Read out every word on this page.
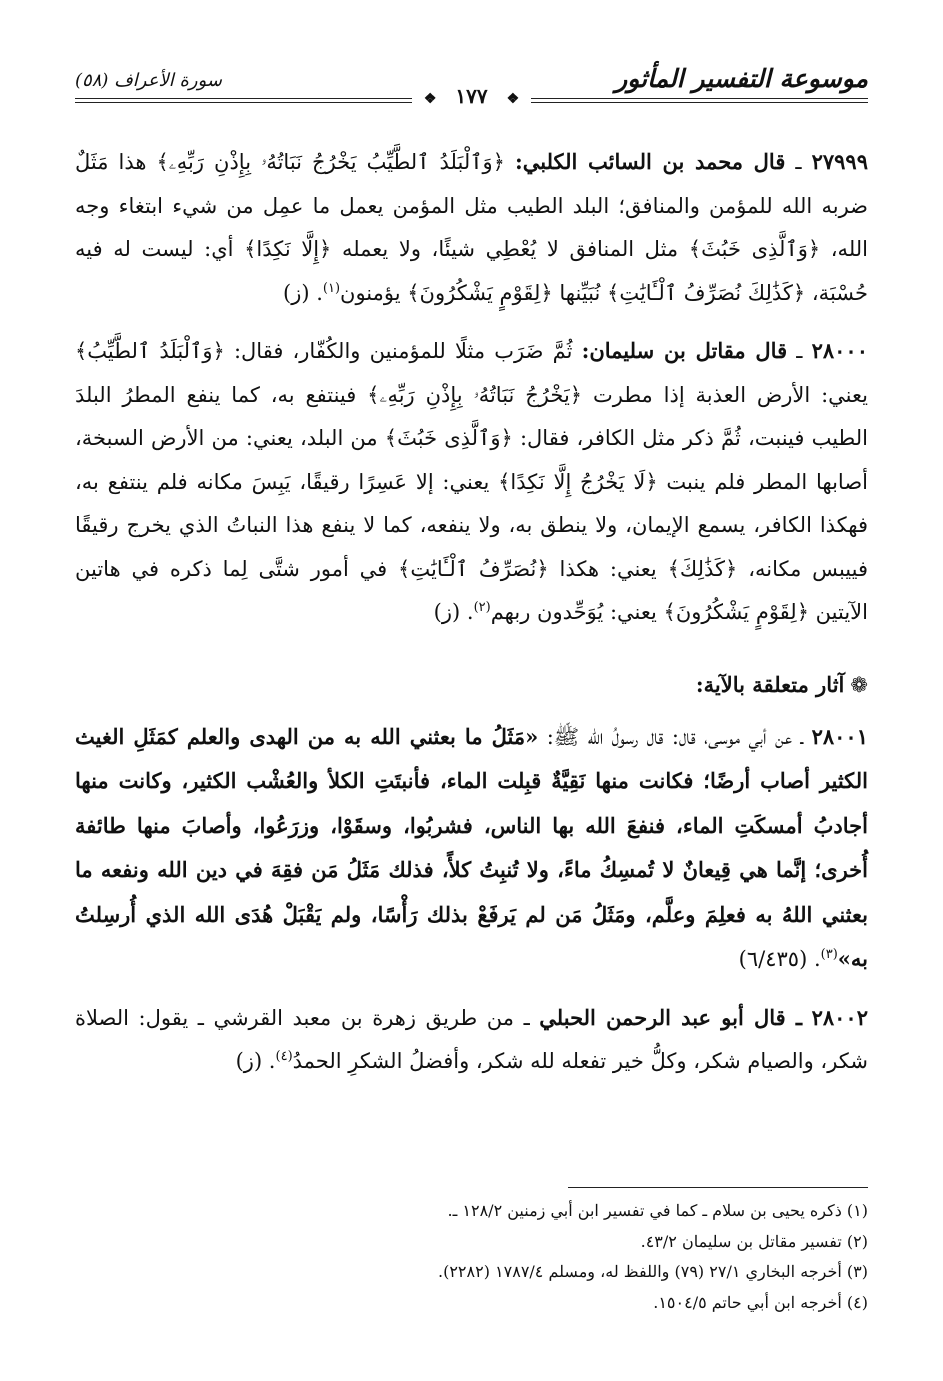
موسوعة التفسير المأثور
❖ ١٧٧ ❖
سورة الأعراف (٥٨)

٢٧٩٩٩ ـ قال محمد بن السائب الكلبي: ﴿وَٱلْبَلَدُ ٱلطَّيِّبُ يَخْرُجُ نَبَاتُهُۥ بِإِذْنِ رَبِّهِۦ﴾ هذا مَثَلٌ ضربه الله للمؤمن والمنافق؛ البلد الطيب مثل المؤمن يعمل ما عمِل من شيء ابتغاء وجه الله، ﴿وَٱلَّذِى خَبُثَ﴾ مثل المنافق لا يُعْطِي شيئًا، ولا يعمله ﴿إِلَّا نَكِدًا﴾ أي: ليست له فيه حُسْبَة، ﴿كَذَٰلِكَ نُصَرِّفُ ٱلْـَٔايَٰتِ﴾ نُبَيِّنها ﴿لِقَوْمٍ يَشْكُرُونَ﴾ يؤمنون$^{(١)}$. (ز)

٢٨٠٠٠ ـ قال مقاتل بن سليمان: ثُمَّ ضَرَب مثلًا للمؤمنين والكُفّار، فقال: ﴿وَٱلْبَلَدُ ٱلطَّيِّبُ﴾ يعني: الأرض العذبة إذا مطرت ﴿يَخْرُجُ نَبَاتُهُۥ بِإِذْنِ رَبِّهِۦ﴾ فينتفع به، كما ينفع المطرُ البلدَ الطيب فينبت، ثُمَّ ذكر مثل الكافر، فقال: ﴿وَٱلَّذِى خَبُثَ﴾ من البلد، يعني: من الأرض السبخة، أصابها المطر فلم ينبت ﴿لَا يَخْرُجُ إِلَّا نَكِدًا﴾ يعني: إلا عَسِرًا رقيقًا، يَبِسَ مكانه فلم ينتفع به، فهكذا الكافر، يسمع الإيمان، ولا ينطق به، ولا ينفعه، كما لا ينفع هذا النباتُ الذي يخرج رقيقًا فييبس مكانه، ﴿كَذَٰلِكَ﴾ يعني: هكذا ﴿نُصَرِّفُ ٱلْـَٔايَٰتِ﴾ في أمور شتَّى لِما ذكره في هاتين الآيتين ﴿لِقَوْمٍ يَشْكُرُونَ﴾ يعني: يُوَحِّدون ربهم$^{(٢)}$. (ز)

❁آثار متعلقة بالآية:

٢٨٠٠١ ـ عن أبي موسى، قال: قال رسولُ الله ﷺ: «مَثَلُ ما بعثني الله به من الهدى والعلم كمَثَلِ الغيث الكثير أصاب أرضًا؛ فكانت منها نَقِيَّةٌ قبِلت الماء، فأنبتَتِ الكلأ والعُشْب الكثير، وكانت منها أجادبُ أمسكَتِ الماء، فنفعَ الله بها الناس، فشربُوا، وسقَوْا، وزرَعُوا، وأصابَ منها طائفة أُخرى؛ إنَّما هي قِيعانٌ لا تُمسِكُ ماءً، ولا تُنبِتُ كلأً، فذلك مَثَلُ مَن فقِهَ في دين الله ونفعه ما بعثني اللهُ به فعلِمَ وعلَّم، ومَثَلُ مَن لم يَرفَعْ بذلك رَأْسًا، ولم يَقْبَلْ هُدَى الله الذي أُرسِلتُ به»$^{(٣)}$. (٦/٤٣٥)

٢٨٠٠٢ ـ قال أبو عبد الرحمن الحبلي ـ من طريق زهرة بن معبد القرشي ـ يقول: الصلاة شكر، والصيام شكر، وكلُّ خير تفعله لله شكر، وأفضلُ الشكرِ الحمدُ$^{(٤)}$. (ز)

(١) ذكره يحيى بن سلام ـ كما في تفسير ابن أبي زمنين ١٢٨/٢ ـ.

(٢) تفسير مقاتل بن سليمان ٤٣/٢.

(٣) أخرجه البخاري ٢٧/١ (٧٩) واللفظ له، ومسلم ١٧٨٧/٤ (٢٢٨٢).

(٤) أخرجه ابن أبي حاتم ١٥٠٤/٥.
